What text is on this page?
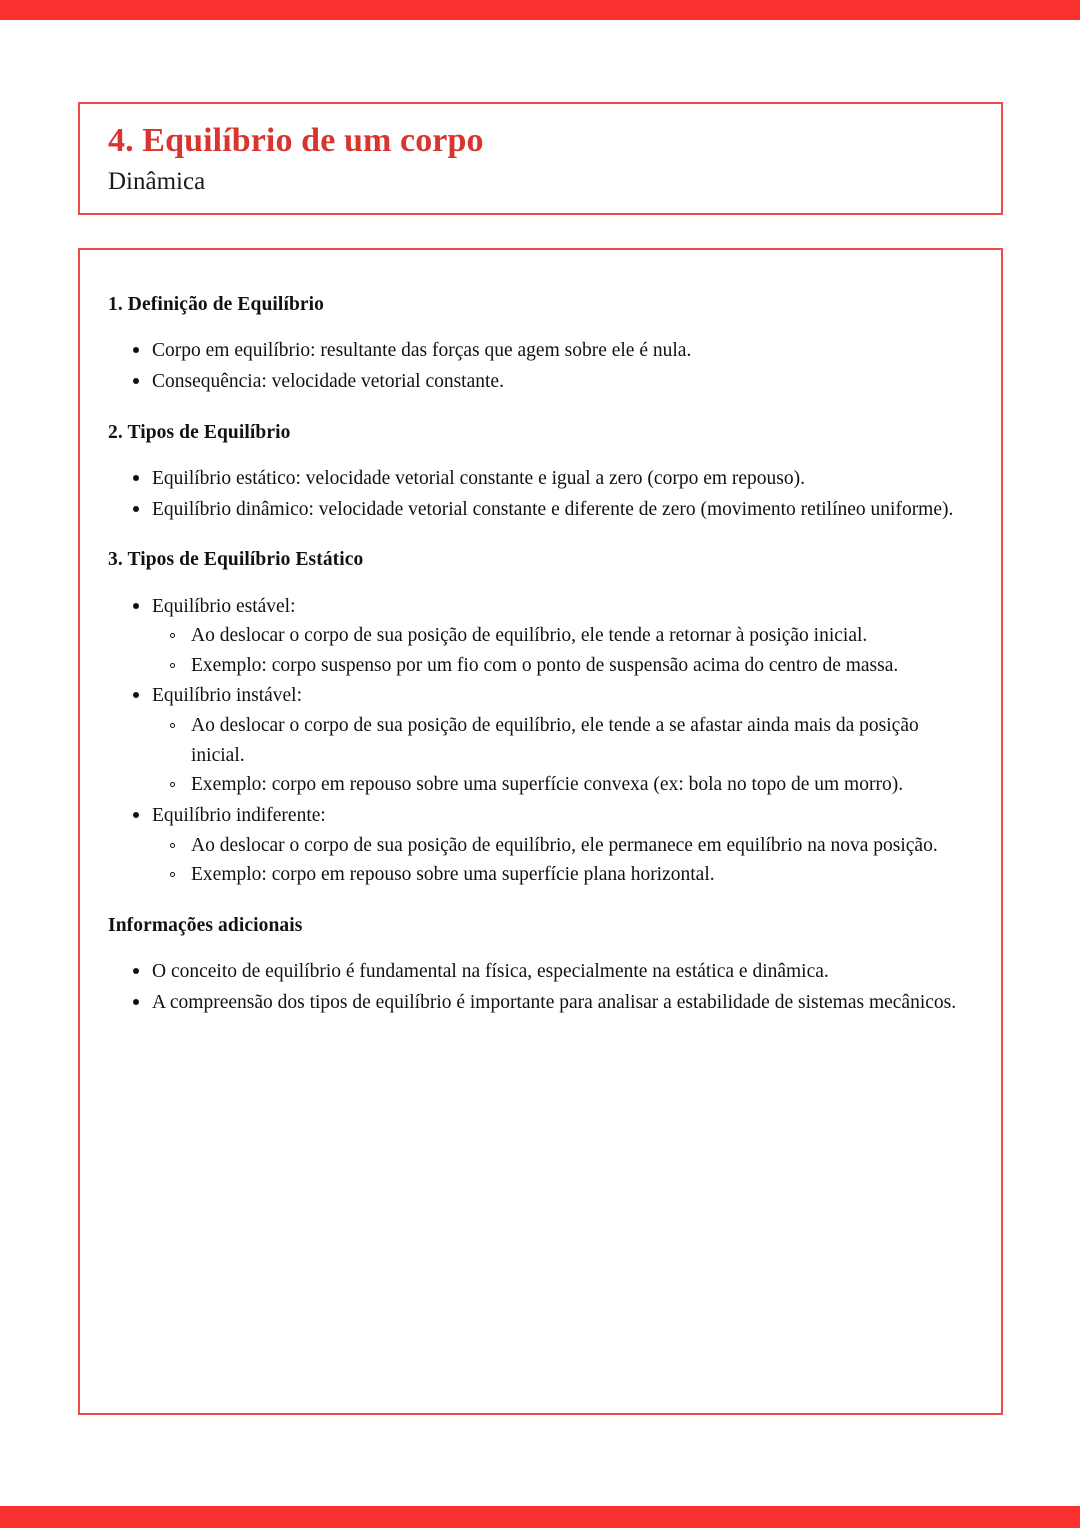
4. Equilíbrio de um corpo
Dinâmica
1. Definição de Equilíbrio
Corpo em equilíbrio: resultante das forças que agem sobre ele é nula.
Consequência: velocidade vetorial constante.
2. Tipos de Equilíbrio
Equilíbrio estático: velocidade vetorial constante e igual a zero (corpo em repouso).
Equilíbrio dinâmico: velocidade vetorial constante e diferente de zero (movimento retilíneo uniforme).
3. Tipos de Equilíbrio Estático
Equilíbrio estável:
Ao deslocar o corpo de sua posição de equilíbrio, ele tende a retornar à posição inicial.
Exemplo: corpo suspenso por um fio com o ponto de suspensão acima do centro de massa.
Equilíbrio instável:
Ao deslocar o corpo de sua posição de equilíbrio, ele tende a se afastar ainda mais da posição inicial.
Exemplo: corpo em repouso sobre uma superfície convexa (ex: bola no topo de um morro).
Equilíbrio indiferente:
Ao deslocar o corpo de sua posição de equilíbrio, ele permanece em equilíbrio na nova posição.
Exemplo: corpo em repouso sobre uma superfície plana horizontal.
Informações adicionais
O conceito de equilíbrio é fundamental na física, especialmente na estática e dinâmica.
A compreensão dos tipos de equilíbrio é importante para analisar a estabilidade de sistemas mecânicos.
